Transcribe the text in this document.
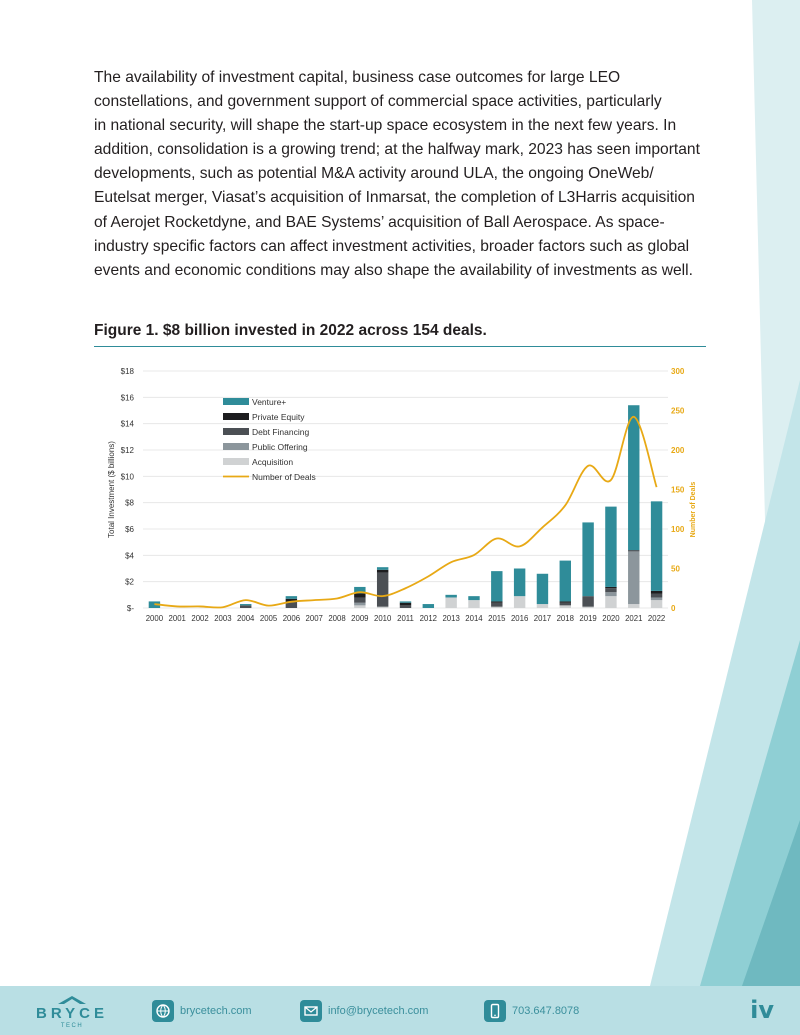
The availability of investment capital, business case outcomes for large LEO
constellations, and government support of commercial space activities, particularly
in national security, will shape the start-up space ecosystem in the next few years. In
addition, consolidation is a growing trend; at the halfway mark, 2023 has seen important
developments, such as potential M&A activity around ULA, the ongoing OneWeb/
Eutelsat merger, Viasat’s acquisition of Inmarsat, the completion of L3Harris acquisition
of Aerojet Rocketdyne, and BAE Systems’ acquisition of Ball Aerospace. As space-
industry specific factors can affect investment activities, broader factors such as global
events and economic conditions may also shape the availability of investments as well.

Figure 1. $8 billion invested in 2022 across 154 deals.
$-
$2
$4
$6
$8
$10
$12
$14
$16
$18
0
50
100
150
200
250
300
Total Investment ($ billions)	Number of Deals
2000 2001 2002 2003 2004 2005 2006 2007 2008 2009 2010 2011 2012 2013 2014 2015 2016 2017 2018 2019 2020 2021 2022
Venture+
Private Equity
Debt Financing
Public Offering
Acquisition
Number of Deals
BRYCE
TECH
brycetech.com	info@brycetech.com	703.647.8078	iv
